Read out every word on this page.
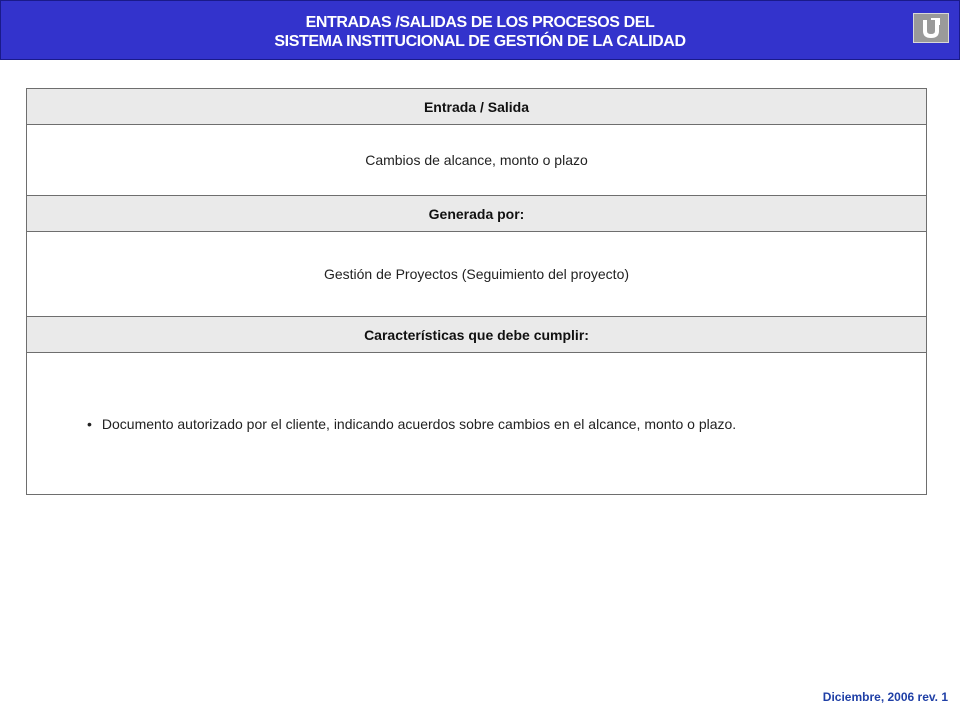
ENTRADAS /SALIDAS DE LOS PROCESOS DEL
SISTEMA INSTITUCIONAL DE GESTIÓN DE LA CALIDAD
Entrada / Salida
Cambios de alcance, monto o plazo
Generada por:
Gestión de Proyectos (Seguimiento del proyecto)
Características que debe cumplir:
• Documento autorizado por el cliente, indicando acuerdos sobre cambios en el alcance, monto o plazo.
Diciembre, 2006 rev. 1
